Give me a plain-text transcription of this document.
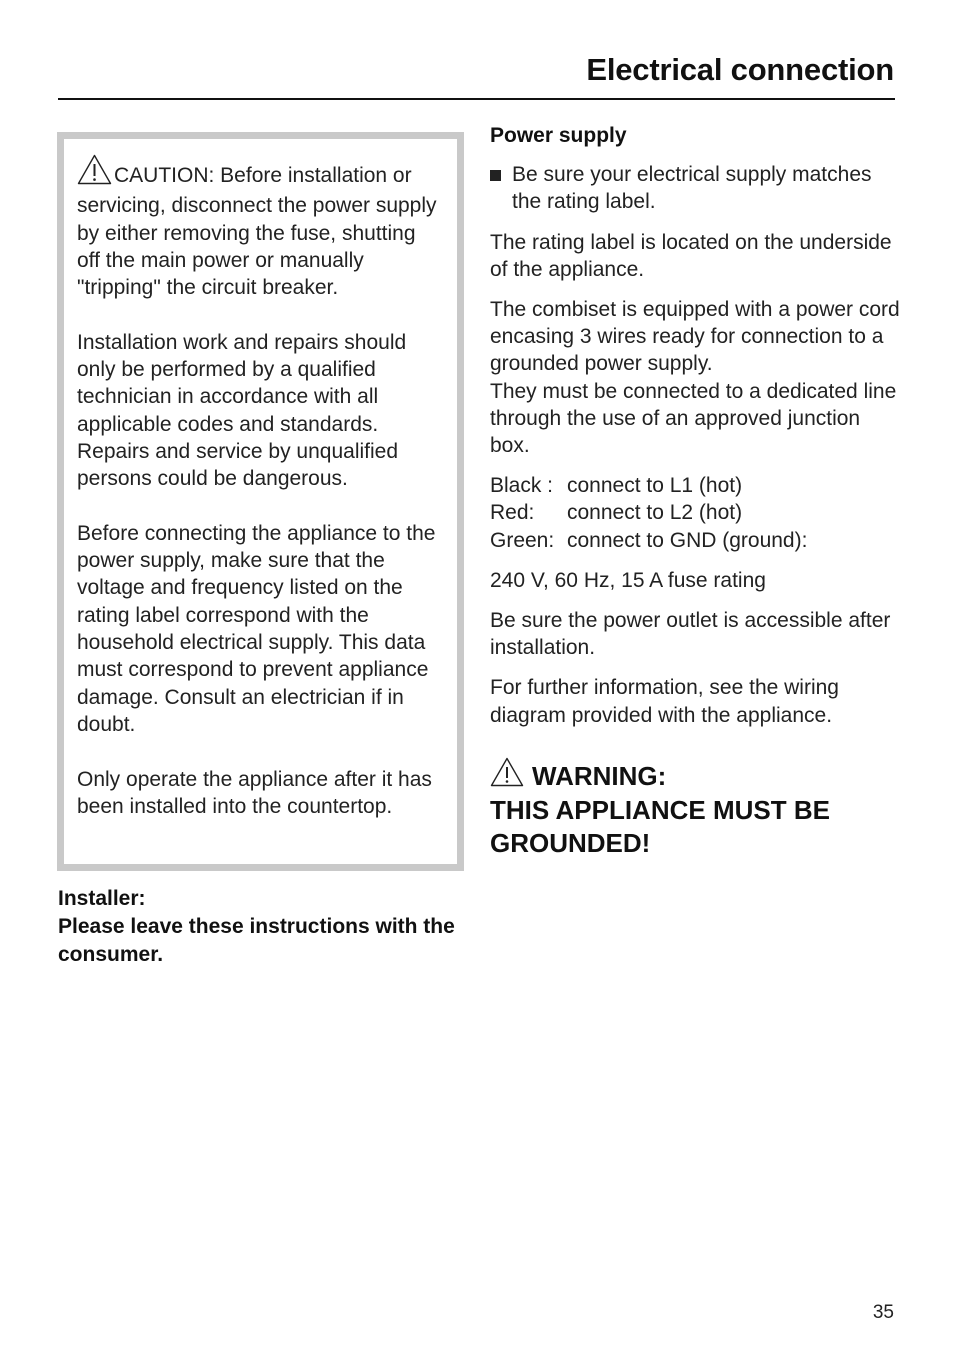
Electrical connection

CAUTION: Before installation or servicing, disconnect the power supply by either removing the fuse, shutting off the main power or manually "tripping" the circuit breaker.

Installation work and repairs should only be performed by a qualified technician in accordance with all applicable codes and standards. Repairs and service by unqualified persons could be dangerous.

Before connecting the appliance to the power supply, make sure that the voltage and frequency listed on the rating label correspond with the household electrical supply. This data must correspond to prevent appliance damage. Consult an electrician if in doubt.

Only operate the appliance after it has been installed into the countertop.

Installer:
Please leave these instructions with the consumer.
Power supply
Be sure your electrical supply matches the rating label.

The rating label is located on the underside of the appliance.

The combiset is equipped with a power cord encasing 3 wires ready for connection to a grounded power supply.
They must be connected to a dedicated line through the use of an approved junction box.

Black : connect to L1 (hot)
Red:	connect to L2 (hot)
Green: connect to GND (ground):

240 V, 60 Hz, 15 A fuse rating

Be sure the power outlet is accessible after installation.

For further information, see the wiring diagram provided with the appliance.

WARNING:
THIS APPLIANCE MUST BE GROUNDED!
35
